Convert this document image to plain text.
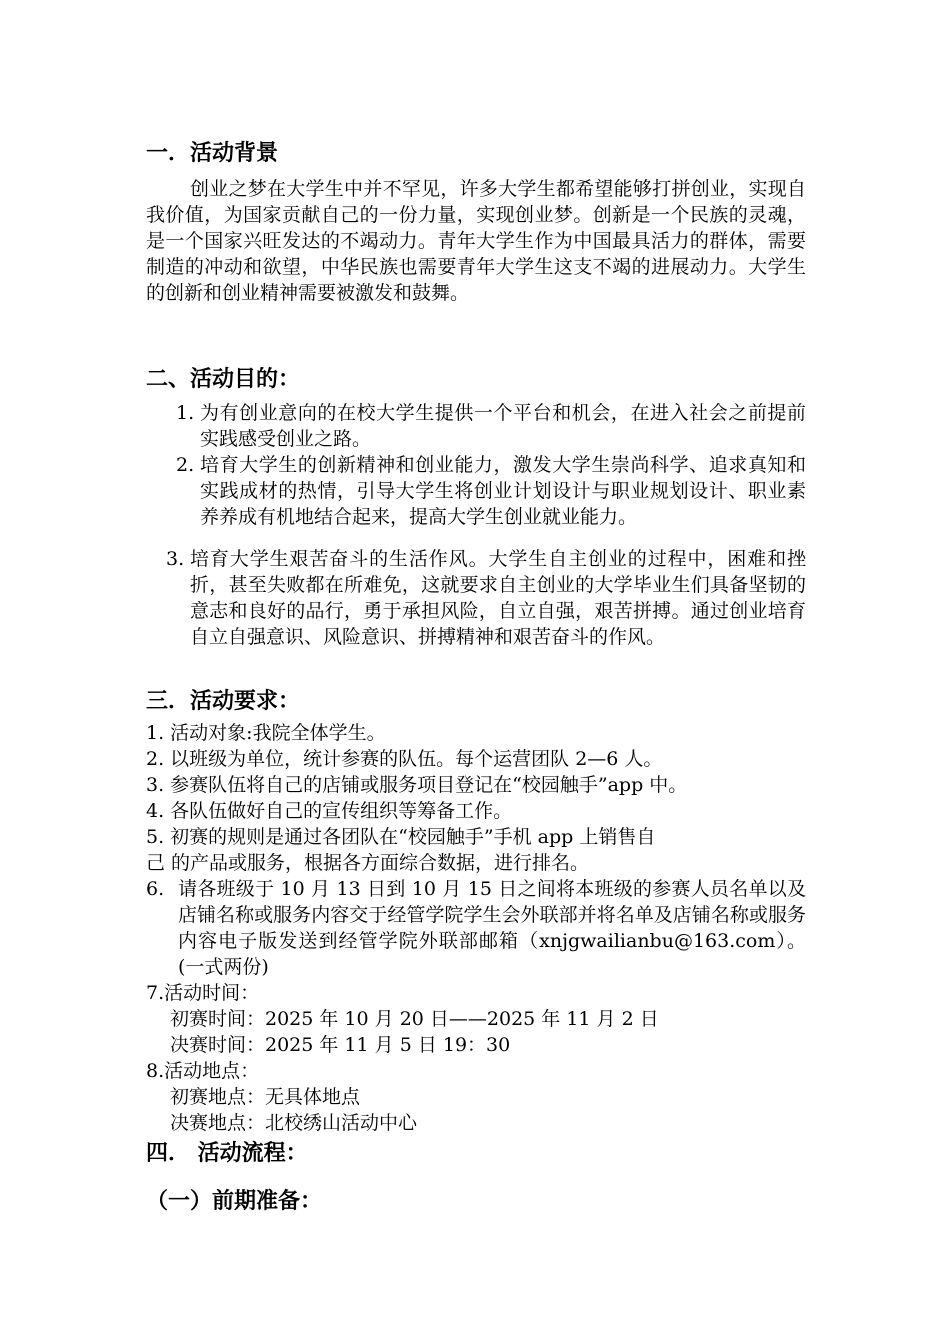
一．活动背景
创业之梦在大学生中并不罕见，许多大学生都希望能够打拼创业，实现自我价值，为国家贡献自己的一份力量，实现创业梦。创新是一个民族的灵魂，是一个国家兴旺发达的不竭动力。青年大学生作为中国最具活力的群体，需要制造的冲动和欲望，中华民族也需要青年大学生这支不竭的进展动力。大学生的创新和创业精神需要被激发和鼓舞。
二、活动目的：
1. 为有创业意向的在校大学生提供一个平台和机会，在进入社会之前提前实践感受创业之路。
2. 培育大学生的创新精神和创业能力，激发大学生崇尚科学、追求真知和实践成材的热情，引导大学生将创业计划设计与职业规划设计、职业素养养成有机地结合起来，提高大学生创业就业能力。
3. 培育大学生艰苦奋斗的生活作风。大学生自主创业的过程中，困难和挫折，甚至失败都在所难免，这就要求自主创业的大学毕业生们具备坚韧的意志和良好的品行，勇于承担风险，自立自强，艰苦拼搏。通过创业培育自立自强意识、风险意识、拼搏精神和艰苦奋斗的作风。
三．活动要求：
1. 活动对象:我院全体学生。
2. 以班级为单位，统计参赛的队伍。每个运营团队 2—6 人。
3. 参赛队伍将自己的店铺或服务项目登记在“校园触手”app 中。
4. 各队伍做好自己的宣传组织等筹备工作。
5. 初赛的规则是通过各团队在“校园触手”手机 app 上销售自
己 的产品或服务，根据各方面综合数据，进行排名。
6. 请各班级于 10 月 13 日到 10 月 15 日之间将本班级的参赛人员名单以及店铺名称或服务内容交于经管学院学生会外联部并将名单及店铺名称或服务内容电子版发送到经管学院外联部邮箱（xnjgwailianbu@163.com）。(一式两份)
7.活动时间：
初赛时间：2025 年 10 月 20 日——2025 年 11 月 2 日
决赛时间：2025 年 11 月 5 日 19：30
8.活动地点：
初赛地点：无具体地点
决赛地点：北校绣山活动中心
四． 活动流程：
（一）前期准备：
